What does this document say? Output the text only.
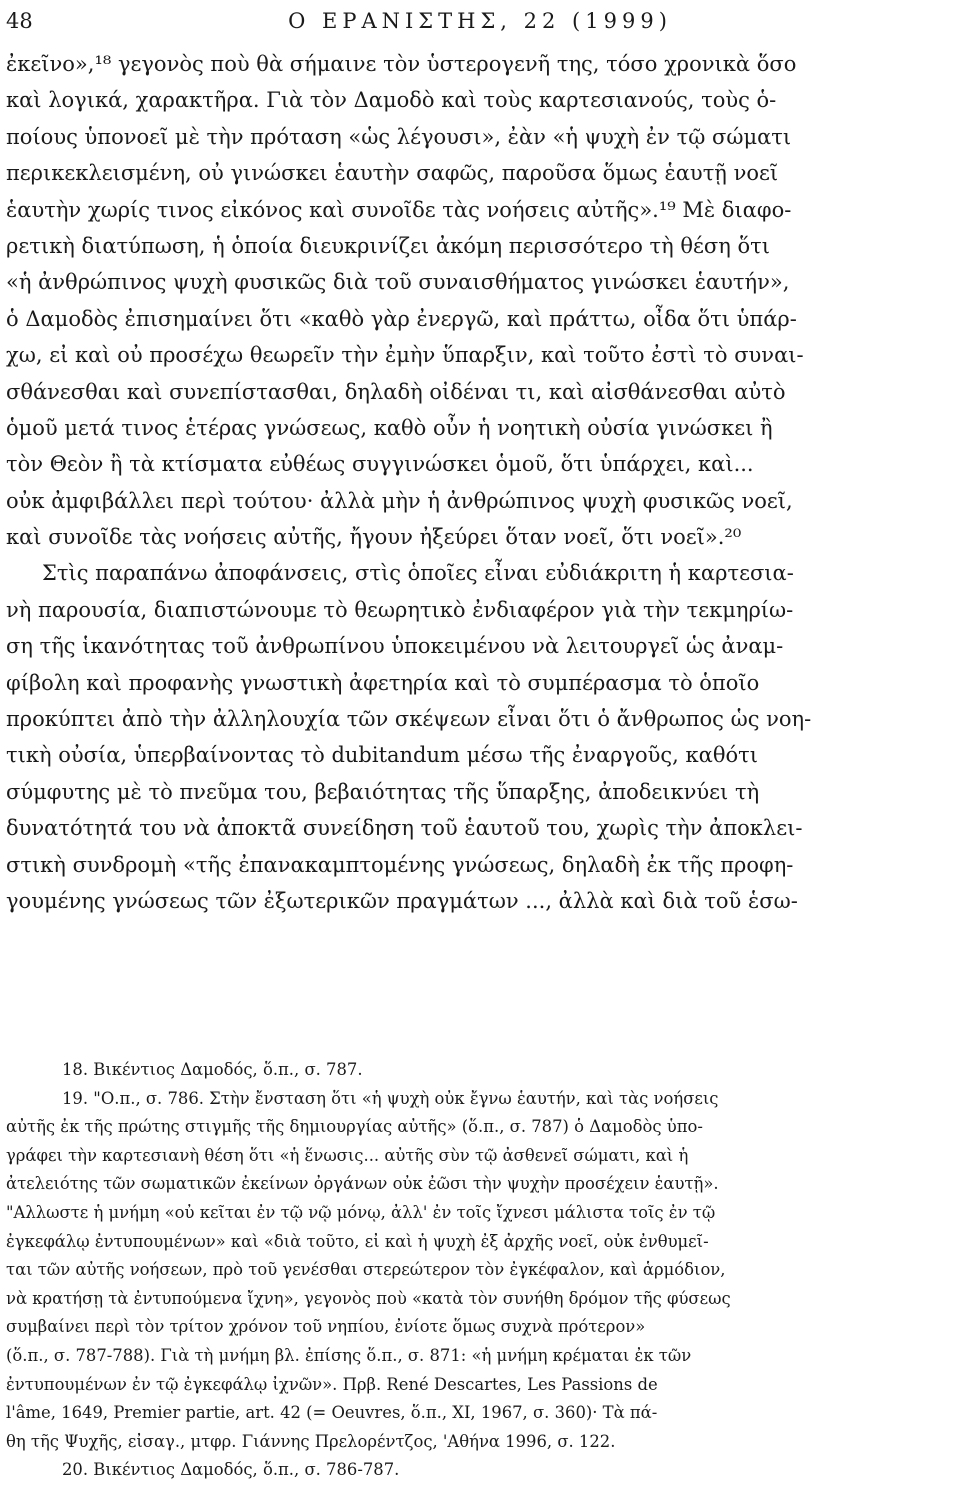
48	Ο ΕΡΑΝΙΣΤΗΣ, 22 (1999)
ἐκεῖνο»,¹⁸ γεγονὸς ποὺ θὰ σήμαινε τὸν ὑστερογενῆ της, τόσο χρονικὰ ὅσο
καὶ λογικά, χαρακτῆρα. Γιὰ τὸν Δαμοδὸ καὶ τοὺς καρτεσιανούς, τοὺς ὁ-
ποίους ὑπονοεῖ μὲ τὴν πρόταση «ὡς λέγουσι», ἐὰν «ἡ ψυχὴ ἐν τῷ σώματι
περικεκλεισμένη, οὐ γινώσκει ἑαυτὴν σαφῶς, παροῦσα ὅμως ἑαυτῇ νοεῖ
ἑαυτὴν χωρίς τινος εἰκόνος καὶ συνοῖδε τὰς νοήσεις αὐτῆς».¹⁹ Μὲ διαφο-
ρετικὴ διατύπωση, ἡ ὁποία διευκρινίζει ἀκόμη περισσότερο τὴ θέση ὅτι
«ἡ ἀνθρώπινος ψυχὴ φυσικῶς διὰ τοῦ συναισθήματος γινώσκει ἑαυτήν»,
ὁ Δαμοδὸς ἐπισημαίνει ὅτι «καθὸ γὰρ ἐνεργῶ, καὶ πράττω, οἶδα ὅτι ὑπάρ-
χω, εἰ καὶ οὐ προσέχω θεωρεῖν τὴν ἐμὴν ὕπαρξιν, καὶ τοῦτο ἐστὶ τὸ συναι-
σθάνεσθαι καὶ συνεπίστασθαι, δηλαδὴ οἰδέναι τι, καὶ αἰσθάνεσθαι αὐτὸ
ὁμοῦ μετά τινος ἑτέρας γνώσεως, καθὸ οὖν ἡ νοητικὴ οὐσία γινώσκει ἢ
τὸν Θεὸν ἢ τὰ κτίσματα εὐθέως συγγινώσκει ὁμοῦ, ὅτι ὑπάρχει, καὶ...
οὐκ ἀμφιβάλλει περὶ τούτου· ἀλλὰ μὴν ἡ ἀνθρώπινος ψυχὴ φυσικῶς νοεῖ,
καὶ συνοῖδε τὰς νοήσεις αὐτῆς, ἤγουν ἠξεύρει ὅταν νοεῖ, ὅτι νοεῖ».²⁰
Στὶς παραπάνω ἀποφάνσεις, στὶς ὁποῖες εἶναι εὐδιάκριτη ἡ καρτεσια-
νὴ παρουσία, διαπιστώνουμε τὸ θεωρητικὸ ἐνδιαφέρον γιὰ τὴν τεκμηρίω-
ση τῆς ἱκανότητας τοῦ ἀνθρωπίνου ὑποκειμένου νὰ λειτουργεῖ ὡς ἀναμ-
φίβολη καὶ προφανὴς γνωστικὴ ἀφετηρία καὶ τὸ συμπέρασμα τὸ ὁποῖο
προκύπτει ἀπὸ τὴν ἀλληλουχία τῶν σκέψεων εἶναι ὅτι ὁ ἄνθρωπος ὡς νοη-
τικὴ οὐσία, ὑπερβαίνοντας τὸ dubitandum μέσω τῆς ἐναργοῦς, καθότι
σύμφυτης μὲ τὸ πνεῦμα του, βεβαιότητας τῆς ὕπαρξης, ἀποδεικνύει τὴ
δυνατότητά του νὰ ἀποκτᾶ συνείδηση τοῦ ἑαυτοῦ του, χωρὶς τὴν ἀποκλει-
στικὴ συνδρομὴ «τῆς ἐπανακαμπτομένης γνώσεως, δηλαδὴ ἐκ τῆς προφη-
γουμένης γνώσεως τῶν ἐξωτερικῶν πραγμάτων ..., ἀλλὰ καὶ διὰ τοῦ ἑσω-
18. Βικέντιος Δαμοδός, ὅ.π., σ. 787.
19. "Ο.π., σ. 786. Στὴν ἔνσταση ὅτι «ἡ ψυχὴ οὐκ ἔγνω ἑαυτήν, καὶ τὰς νοήσεις
αὐτῆς ἐκ τῆς πρώτης στιγμῆς τῆς δημιουργίας αὐτῆς» (ὅ.π., σ. 787) ὁ Δαμοδὸς ὑπο-
γράφει τὴν καρτεσιανὴ θέση ὅτι «ἡ ἕνωσις... αὐτῆς σὺν τῷ ἀσθενεῖ σώματι, καὶ ἡ
ἀτελειότης τῶν σωματικῶν ἐκείνων ὀργάνων οὐκ ἐῶσι τὴν ψυχὴν προσέχειν ἑαυτῇ».
"Αλλωστε ἡ μνήμη «οὐ κεῖται ἐν τῷ νῷ μόνῳ, ἀλλ' ἐν τοῖς ἴχνεσι μάλιστα τοῖς ἐν τῷ
ἐγκεφάλῳ ἐντυπουμένων» καὶ «διὰ τοῦτο, εἰ καὶ ἡ ψυχὴ ἐξ ἀρχῆς νοεῖ, οὐκ ἐνθυμεῖ-
ται τῶν αὐτῆς νοήσεων, πρὸ τοῦ γενέσθαι στερεώτερον τὸν ἐγκέφαλον, καὶ ἁρμόδιον,
νὰ κρατήσῃ τὰ ἐντυπούμενα ἴχνη», γεγονὸς ποὺ «κατὰ τὸν συνήθη δρόμον τῆς φύσεως
συμβαίνει περὶ τὸν τρίτον χρόνον τοῦ νηπίου, ἐνίοτε ὅμως συχνὰ πρότερον»
(ὅ.π., σ. 787-788). Γιὰ τὴ μνήμη βλ. ἐπίσης ὅ.π., σ. 871: «ἡ μνήμη κρέμαται ἐκ τῶν
ἐντυπουμένων ἐν τῷ ἐγκεφάλῳ ἰχνῶν». Πρβ. René Descartes, Les Passions de
l'âme, 1649, Premier partie, art. 42 (= Oeuvres, ὅ.π., XI, 1967, σ. 360)· Τὰ πά-
θη τῆς Ψυχῆς, εἰσαγ., μτφρ. Γιάννης Πρελορέντζος, 'Αθήνα 1996, σ. 122.
20. Βικέντιος Δαμοδός, ὅ.π., σ. 786-787.
